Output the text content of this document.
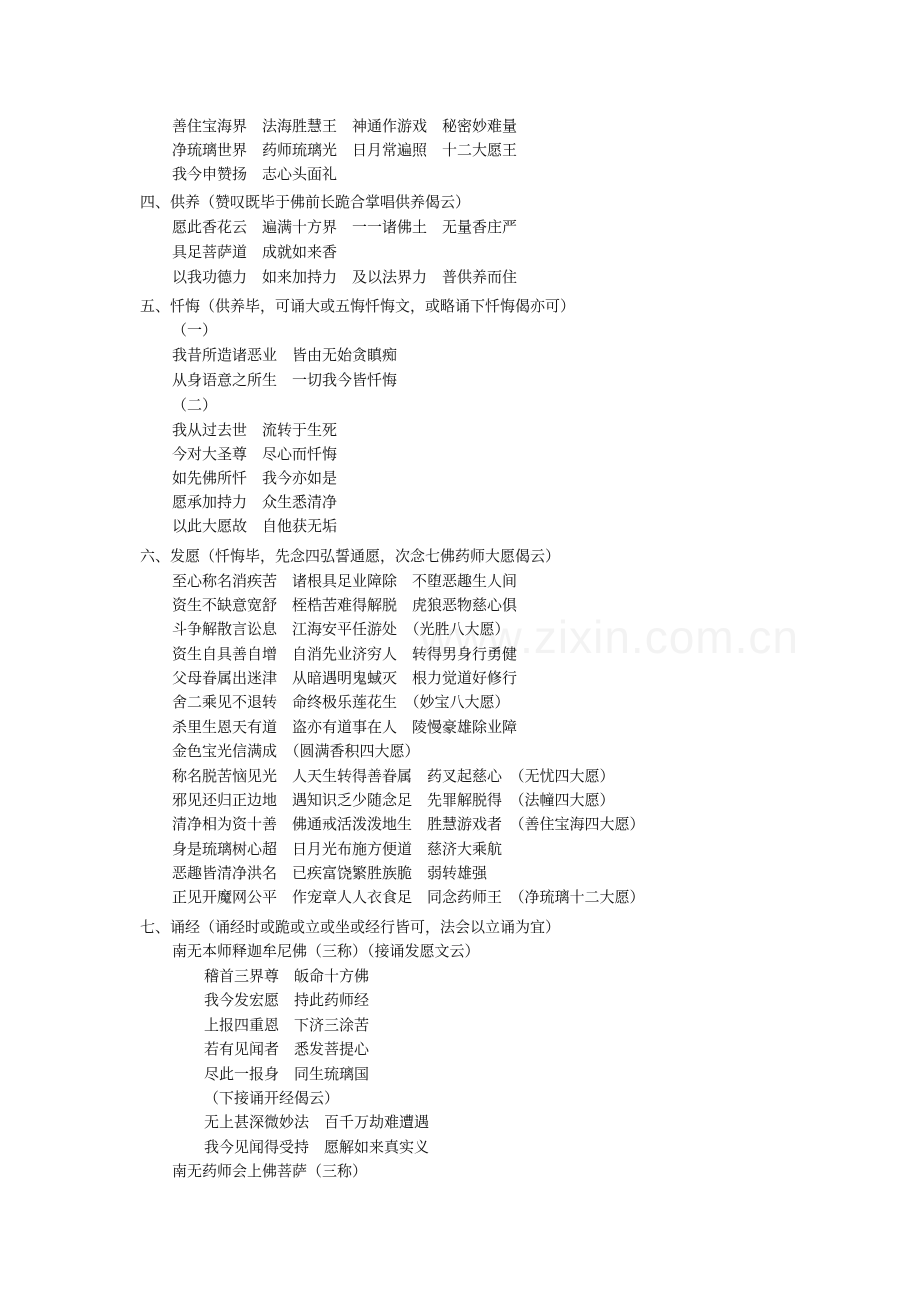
www.zixin.com.cn
善住宝海界　法海胜慧王　神通作游戏　秘密妙难量
净琉璃世界　药师琉璃光　日月常遍照　十二大愿王
我今申赞扬　志心头面礼
四、供养（赞叹既毕于佛前长跪合掌唱供养偈云）
愿此香花云　遍满十方界　一一诸佛土　无量香庄严
具足菩萨道　成就如来香
以我功德力　如来加持力　及以法界力　普供养而住
五、忏悔（供养毕，可诵大或五悔忏悔文，或略诵下忏悔偈亦可）
（一）
我昔所造诸恶业　皆由无始贪瞋痴
从身语意之所生　一切我今皆忏悔
（二）
我从过去世　流转于生死
今对大圣尊　尽心而忏悔
如先佛所忏　我今亦如是
愿承加持力　众生悉清净
以此大愿故　自他获无垢
六、发愿（忏悔毕，先念四弘誓通愿，次念七佛药师大愿偈云）
至心称名消疾苦　诸根具足业障除　不堕恶趣生人间
资生不缺意宽舒　桎梏苦难得解脱　虎狼恶物慈心俱
斗争解散言讼息　江海安平任游处　（光胜八大愿）
资生自具善自增　自消先业济穷人　转得男身行勇健
父母眷属出迷津　从暗遇明鬼蜮灭　根力觉道好修行
舍二乘见不退转　命终极乐莲花生　（妙宝八大愿）
杀里生恩天有道　盗亦有道事在人　陵慢豪雄除业障
金色宝光信满成　（圆满香积四大愿）
称名脱苦恼见光　人天生转得善眷属　药叉起慈心　（无忧四大愿）
邪见还归正边地　遇知识乏少随念足　先罪解脱得　（法幢四大愿）
清净相为资十善　佛通戒活泼泼地生　胜慧游戏者　（善住宝海四大愿）
身是琉璃树心超　日月光布施方便道　慈济大乘航
恶趣皆清净洪名　已疾富饶繁胜族脆　弱转雄强
正见开魔网公平　作宠章人人衣食足　同念药师王　（净琉璃十二大愿）
七、诵经（诵经时或跪或立或坐或经行皆可，法会以立诵为宜）
南无本师释迦牟尼佛（三称）（接诵发愿文云）
稽首三界尊　皈命十方佛
我今发宏愿　持此药师经
上报四重恩　下济三涂苦
若有见闻者　悉发菩提心
尽此一报身　同生琉璃国
（下接诵开经偈云）
无上甚深微妙法　百千万劫难遭遇
我今见闻得受持　愿解如来真实义
南无药师会上佛菩萨（三称）
